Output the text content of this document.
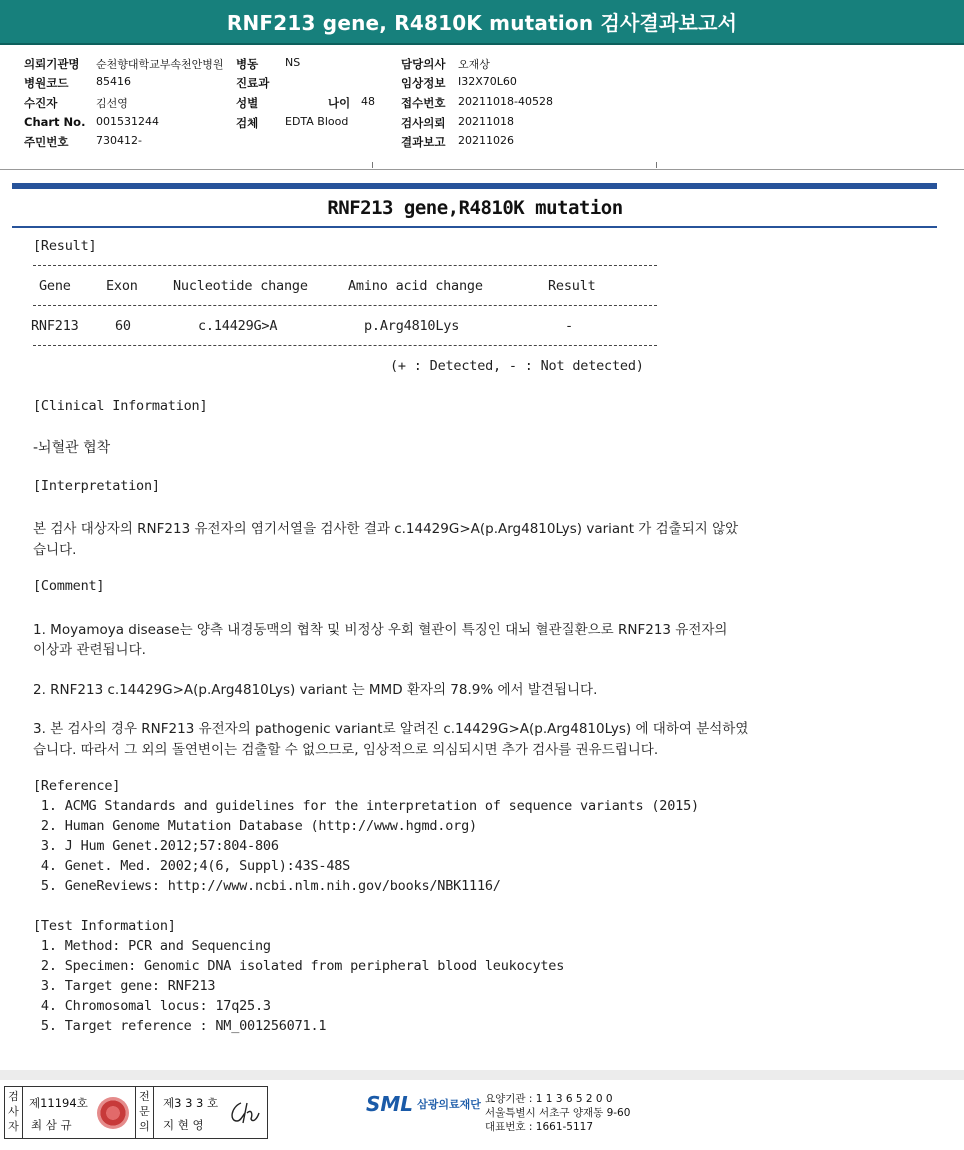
RNF213 gene, R4810K mutation 검사결과보고서
의뢰기관명 순천향대학교부속천안병원 병동 NS	담당의사 오재상
병원코드	85416	진료과	임상정보 I32X70L60
수진자	김선영	성별	나이 48 접수번호 20211018-40528
Chart No. 001531244	검체 EDTA Blood	검사의뢰 20211018
주민번호	730412-	결과보고 20211026
RNF213 gene,R4810K mutation
[Result]
Gene	Exon	Nucleotide change	Amino acid change	Result
RNF213	60	c.14429G>A	p.Arg4810Lys	-
(+ : Detected, - : Not detected)
[Clinical Information]
-뇌혈관 협착
[Interpretation]
본 검사 대상자의 RNF213 유전자의 염기서열을 검사한 결과 c.14429G>A(p.Arg4810Lys) variant 가 검출되지 않았
습니다.
[Comment]
1. Moyamoya disease는 양측 내경동맥의 협착 및 비정상 우회 혈관이 특징인 대뇌 혈관질환으로 RNF213 유전자의
이상과 관련됩니다.
2. RNF213 c.14429G>A(p.Arg4810Lys) variant 는 MMD 환자의 78.9% 에서 발견됩니다.
3. 본 검사의 경우 RNF213 유전자의 pathogenic variant로 알려진 c.14429G>A(p.Arg4810Lys) 에 대하여 분석하였
습니다. 따라서 그 외의 돌연변이는 검출할 수 없으므로, 임상적으로 의심되시면 추가 검사를 권유드립니다.
[Reference]
1. ACMG Standards and guidelines for the interpretation of sequence variants (2015)
2. Human Genome Mutation Database (http://www.hgmd.org)
3. J Hum Genet.2012;57:804-806
4. Genet. Med. 2002;4(6, Suppl):43S-48S
5. GeneReviews: http://www.ncbi.nlm.nih.gov/books/NBK1116/
[Test Information]
1. Method: PCR and Sequencing
2. Specimen: Genomic DNA isolated from peripheral blood leukocytes
3. Target gene: RNF213
4. Chromosomal locus: 17q25.3
5. Target reference : NM_001256071.1
검사자
제11194호
최 삼 규
전문의
제3 3 3 호
지 현 영
SML 삼광의료재단 요양기관 : 1 1 3 6 5 2 0 0
서울특별시 서초구 양재동 9-60
대표번호 : 1661-5117
